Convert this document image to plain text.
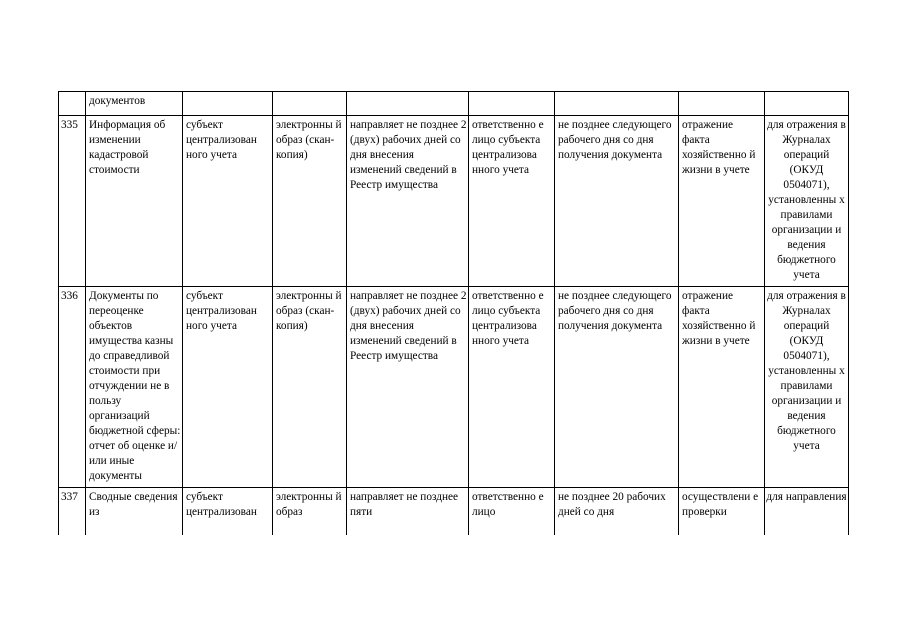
	документов							
335	Информация об изменении кадастровой стоимости	субъект централизован ного учета	электронны й образ (скан-копия)	направляет не позднее 2 (двух) рабочих дней со дня внесения изменений сведений в Реестр имущества	ответственно е лицо субъекта централизова нного учета	не позднее следующего рабочего дня со дня получения документа	отражение факта хозяйственно й жизни в учете	для отражения в Журналах операций (ОКУД 0504071), установленны х правилами организации и ведения бюджетного учета
336	Документы по переоценке объектов имущества казны до справедливой стоимости при отчуждении не в пользу организаций бюджетной сферы: отчет об оценке и/или иные документы	субъект централизован ного учета	электронны й образ (скан-копия)	направляет не позднее 2 (двух) рабочих дней со дня внесения изменений сведений в Реестр имущества	ответственно е лицо субъекта централизова нного учета	не позднее следующего рабочего дня со дня получения документа	отражение факта хозяйственно й жизни в учете	для отражения в Журналах операций (ОКУД 0504071), установленны х правилами организации и ведения бюджетного учета
337	Сводные сведения из	субъект централизован	электронны й образ	направляет не позднее пяти	ответственно е лицо	не позднее 20 рабочих дней со дня	осуществлени е проверки	для направления
